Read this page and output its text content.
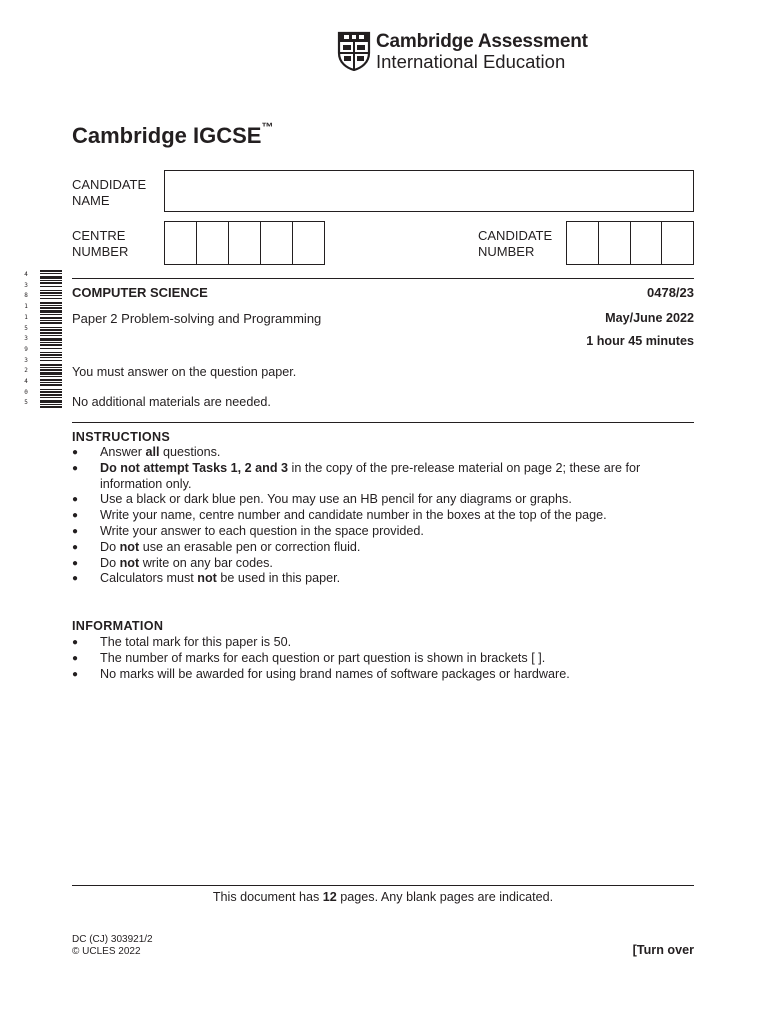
Cambridge Assessment
International Education
Cambridge IGCSE™
CANDIDATE
NAME
CENTRE
NUMBER
CANDIDATE
NUMBER
4 3 8 1 1 5 3 9 3 2 4 0 5
COMPUTER SCIENCE	0478/23
Paper 2 Problem-solving and Programming	May/June 2022
1 hour 45 minutes
You must answer on the question paper.
No additional materials are needed.
INSTRUCTIONS
● Answer all questions.
● Do not attempt Tasks 1, 2 and 3 in the copy of the pre-release material on page 2; these are for information only.
● Use a black or dark blue pen. You may use an HB pencil for any diagrams or graphs.
● Write your name, centre number and candidate number in the boxes at the top of the page.
● Write your answer to each question in the space provided.
● Do not use an erasable pen or correction fluid.
● Do not write on any bar codes.
● Calculators must not be used in this paper.
INFORMATION
● The total mark for this paper is 50.
● The number of marks for each question or part question is shown in brackets [ ].
● No marks will be awarded for using brand names of software packages or hardware.
This document has 12 pages. Any blank pages are indicated.
DC (CJ) 303921/2
© UCLES 2022	[Turn over
